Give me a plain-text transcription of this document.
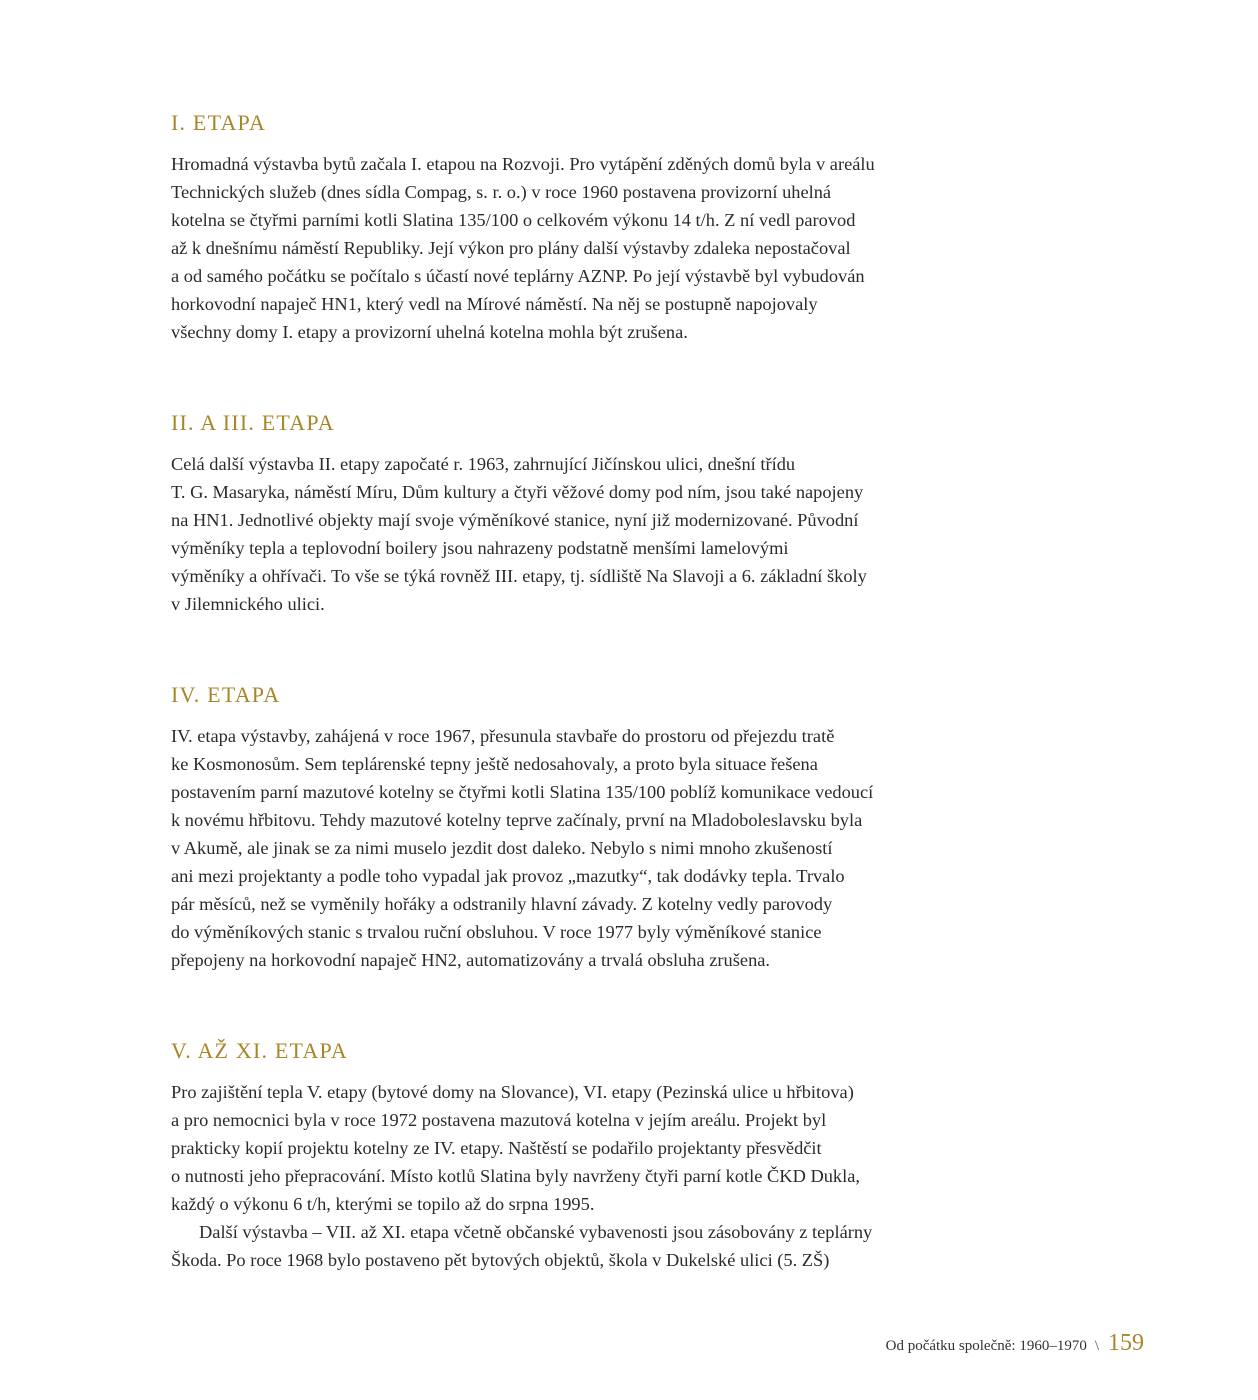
I. ETAPA

Hromadná výstavba bytů začala I. etapou na Rozvoji. Pro vytápění zděných domů byla v areálu
Technických služeb (dnes sídla Compag, s. r. o.) v roce 1960 postavena provizorní uhelná
kotelna se čtyřmi parními kotli Slatina 135/100 o celkovém výkonu 14 t/h. Z ní vedl parovod
až k dnešnímu náměstí Republiky. Její výkon pro plány další výstavby zdaleka nepostačoval
a od samého počátku se počítalo s účastí nové teplárny AZNP. Po její výstavbě byl vybudován
horkovodní napaječ HN1, který vedl na Mírové náměstí. Na něj se postupně napojovaly
všechny domy I. etapy a provizorní uhelná kotelna mohla být zrušena.

II. A III. ETAPA

Celá další výstavba II. etapy započaté r. 1963, zahrnující Jičínskou ulici, dnešní třídu
T. G. Masaryka, náměstí Míru, Dům kultury a čtyři věžové domy pod ním, jsou také napojeny
na HN1. Jednotlivé objekty mají svoje výměníkové stanice, nyní již modernizované. Původní
výměníky tepla a teplovodní boilery jsou nahrazeny podstatně menšími lamelovými
výměníky a ohřívači. To vše se týká rovněž III. etapy, tj. sídliště Na Slavoji a 6. základní školy
v Jilemnického ulici.

IV. ETAPA

IV. etapa výstavby, zahájená v roce 1967, přesunula stavbaře do prostoru od přejezdu tratě
ke Kosmonosům. Sem teplárenské tepny ještě nedosahovaly, a proto byla situace řešena
postavením parní mazutové kotelny se čtyřmi kotli Slatina 135/100 poblíž komunikace vedoucí
k novému hřbitovu. Tehdy mazutové kotelny teprve začínaly, první na Mladoboleslavsku byla
v Akumě, ale jinak se za nimi muselo jezdit dost daleko. Nebylo s nimi mnoho zkušeností
ani mezi projektanty a podle toho vypadal jak provoz „mazutky“, tak dodávky tepla. Trvalo
pár měsíců, než se vyměnily hořáky a odstranily hlavní závady. Z kotelny vedly parovody
do výměníkových stanic s trvalou ruční obsluhou. V roce 1977 byly výměníkové stanice
přepojeny na horkovodní napaječ HN2, automatizovány a trvalá obsluha zrušena.

V. AŽ XI. ETAPA

Pro zajištění tepla V. etapy (bytové domy na Slovance), VI. etapy (Pezinská ulice u hřbitova)
a pro nemocnici byla v roce 1972 postavena mazutová kotelna v jejím areálu. Projekt byl
prakticky kopií projektu kotelny ze IV. etapy. Naštěstí se podařilo projektanty přesvědčit
o nutnosti jeho přepracování. Místo kotlů Slatina byly navrženy čtyři parní kotle ČKD Dukla,
každý o výkonu 6 t/h, kterými se topilo až do srpna 1995.
Další výstavba – VII. až XI. etapa včetně občanské vybavenosti jsou zásobovány z teplárny
Škoda. Po roce 1968 bylo postaveno pět bytových objektů, škola v Dukelské ulici (5. ZŠ)

Od počátku společně: 1960–1970 \ 159
